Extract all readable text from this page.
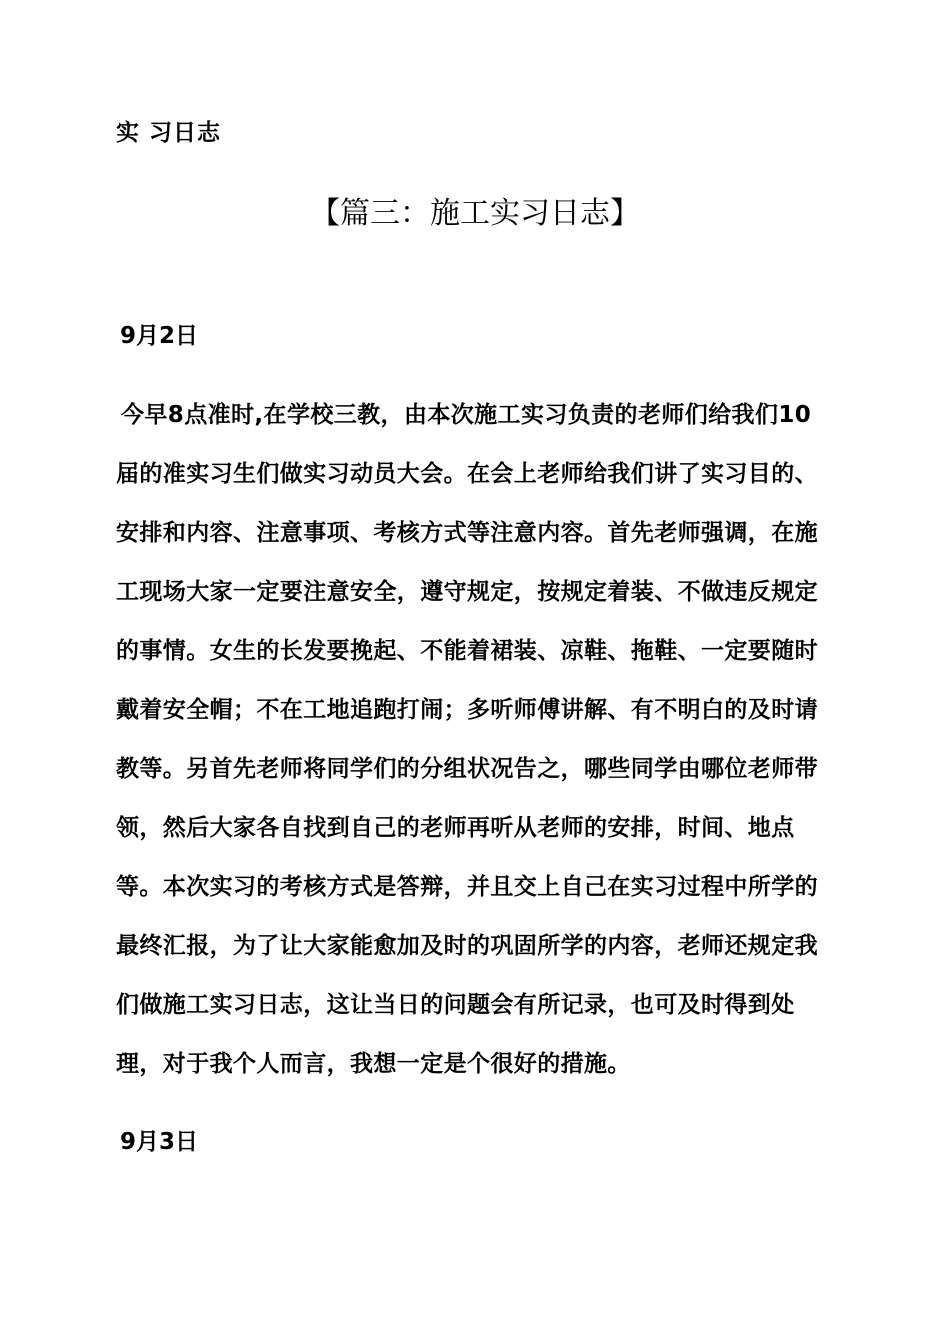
实 习日志
【篇三：施工实习日志】
9月2日
今早8点准时,在学校三教，由本次施工实习负责的老师们给我们10
届的准实习生们做实习动员大会。在会上老师给我们讲了实习目的、
安排和内容、注意事项、考核方式等注意内容。首先老师强调，在施
工现场大家一定要注意安全，遵守规定，按规定着装、不做违反规定
的事情。女生的长发要挽起、不能着裙装、凉鞋、拖鞋、一定要随时
戴着安全帽；不在工地追跑打闹；多听师傅讲解、有不明白的及时请
教等。另首先老师将同学们的分组状况告之，哪些同学由哪位老师带
领，然后大家各自找到自己的老师再听从老师的安排，时间、地点
等。本次实习的考核方式是答辩，并且交上自己在实习过程中所学的
最终汇报，为了让大家能愈加及时的巩固所学的内容，老师还规定我
们做施工实习日志，这让当日的问题会有所记录，也可及时得到处
理，对于我个人而言，我想一定是个很好的措施。
9月3日
